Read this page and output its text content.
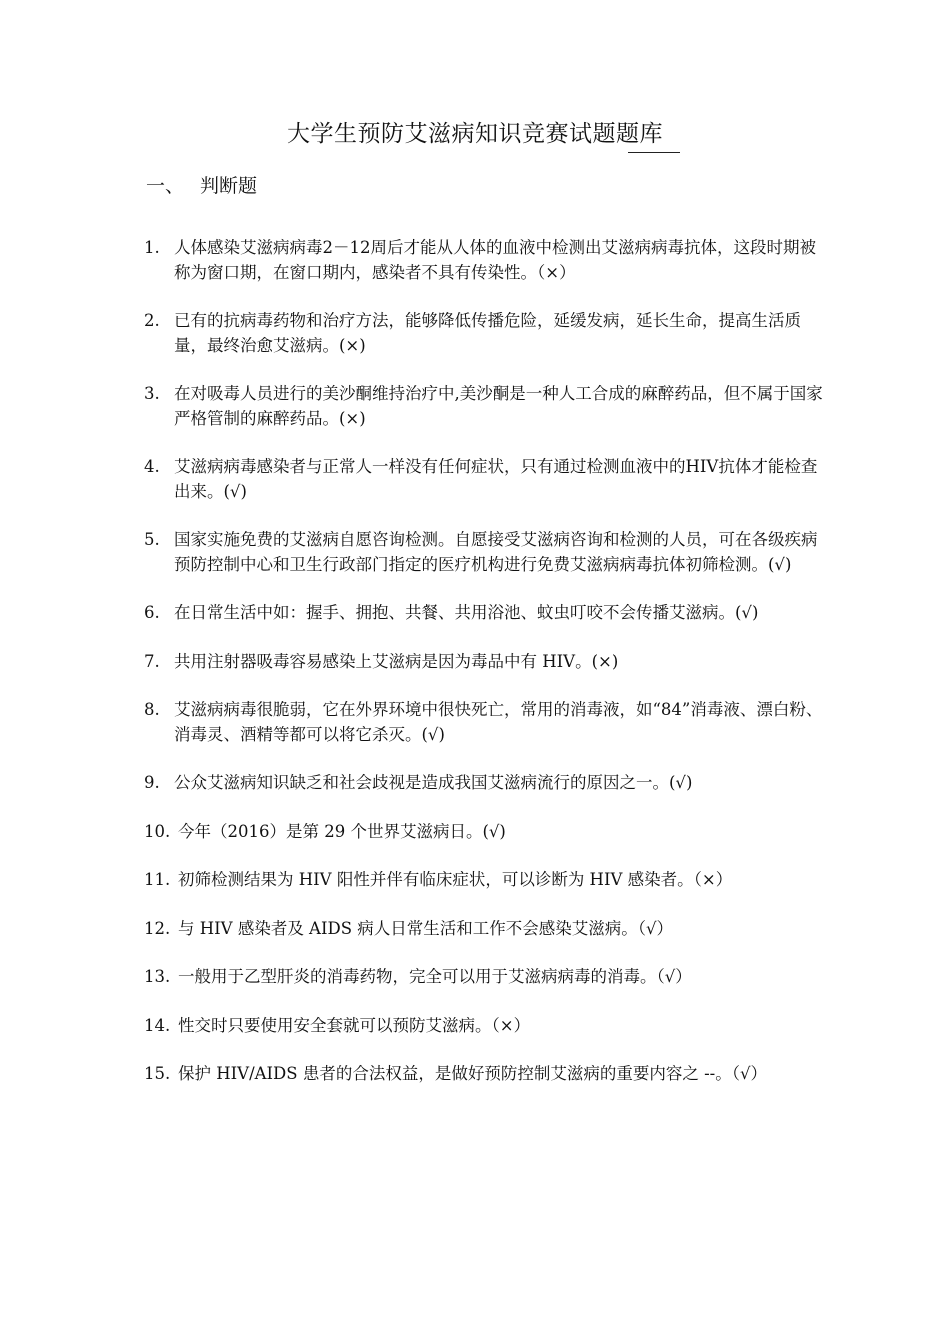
大学生预防艾滋病知识竞赛试题题库
一、 判断题
1. 人体感染艾滋病病毒2－12周后才能从人体的血液中检测出艾滋病病毒抗体，这段时期被称为窗口期，在窗口期内，感染者不具有传染性。（×）
2. 已有的抗病毒药物和治疗方法，能够降低传播危险，延缓发病，延长生命，提高生活质量，最终治愈艾滋病。(×)
3. 在对吸毒人员进行的美沙酮维持治疗中,美沙酮是一种人工合成的麻醉药品，但不属于国家严格管制的麻醉药品。(×)
4. 艾滋病病毒感染者与正常人一样没有任何症状，只有通过检测血液中的HIV抗体才能检查出来。(√)
5. 国家实施免费的艾滋病自愿咨询检测。自愿接受艾滋病咨询和检测的人员，可在各级疾病预防控制中心和卫生行政部门指定的医疗机构进行免费艾滋病病毒抗体初筛检测。(√)
6. 在日常生活中如：握手、拥抱、共餐、共用浴池、蚊虫叮咬不会传播艾滋病。(√)
7. 共用注射器吸毒容易感染上艾滋病是因为毒品中有 HIV。(×)
8. 艾滋病病毒很脆弱，它在外界环境中很快死亡，常用的消毒液，如“84”消毒液、漂白粉、消毒灵、酒精等都可以将它杀灭。(√)
9. 公众艾滋病知识缺乏和社会歧视是造成我国艾滋病流行的原因之一。(√)
10. 今年（2016）是第 29 个世界艾滋病日。(√)
11. 初筛检测结果为 HIV 阳性并伴有临床症状，可以诊断为 HIV 感染者。（×）
12. 与 HIV 感染者及 AIDS 病人日常生活和工作不会感染艾滋病。（√）
13. 一般用于乙型肝炎的消毒药物，完全可以用于艾滋病病毒的消毒。（√）
14. 性交时只要使用安全套就可以预防艾滋病。（×）
15. 保护 HIV/AIDS 患者的合法权益，是做好预防控制艾滋病的重要内容之 --。（√）
